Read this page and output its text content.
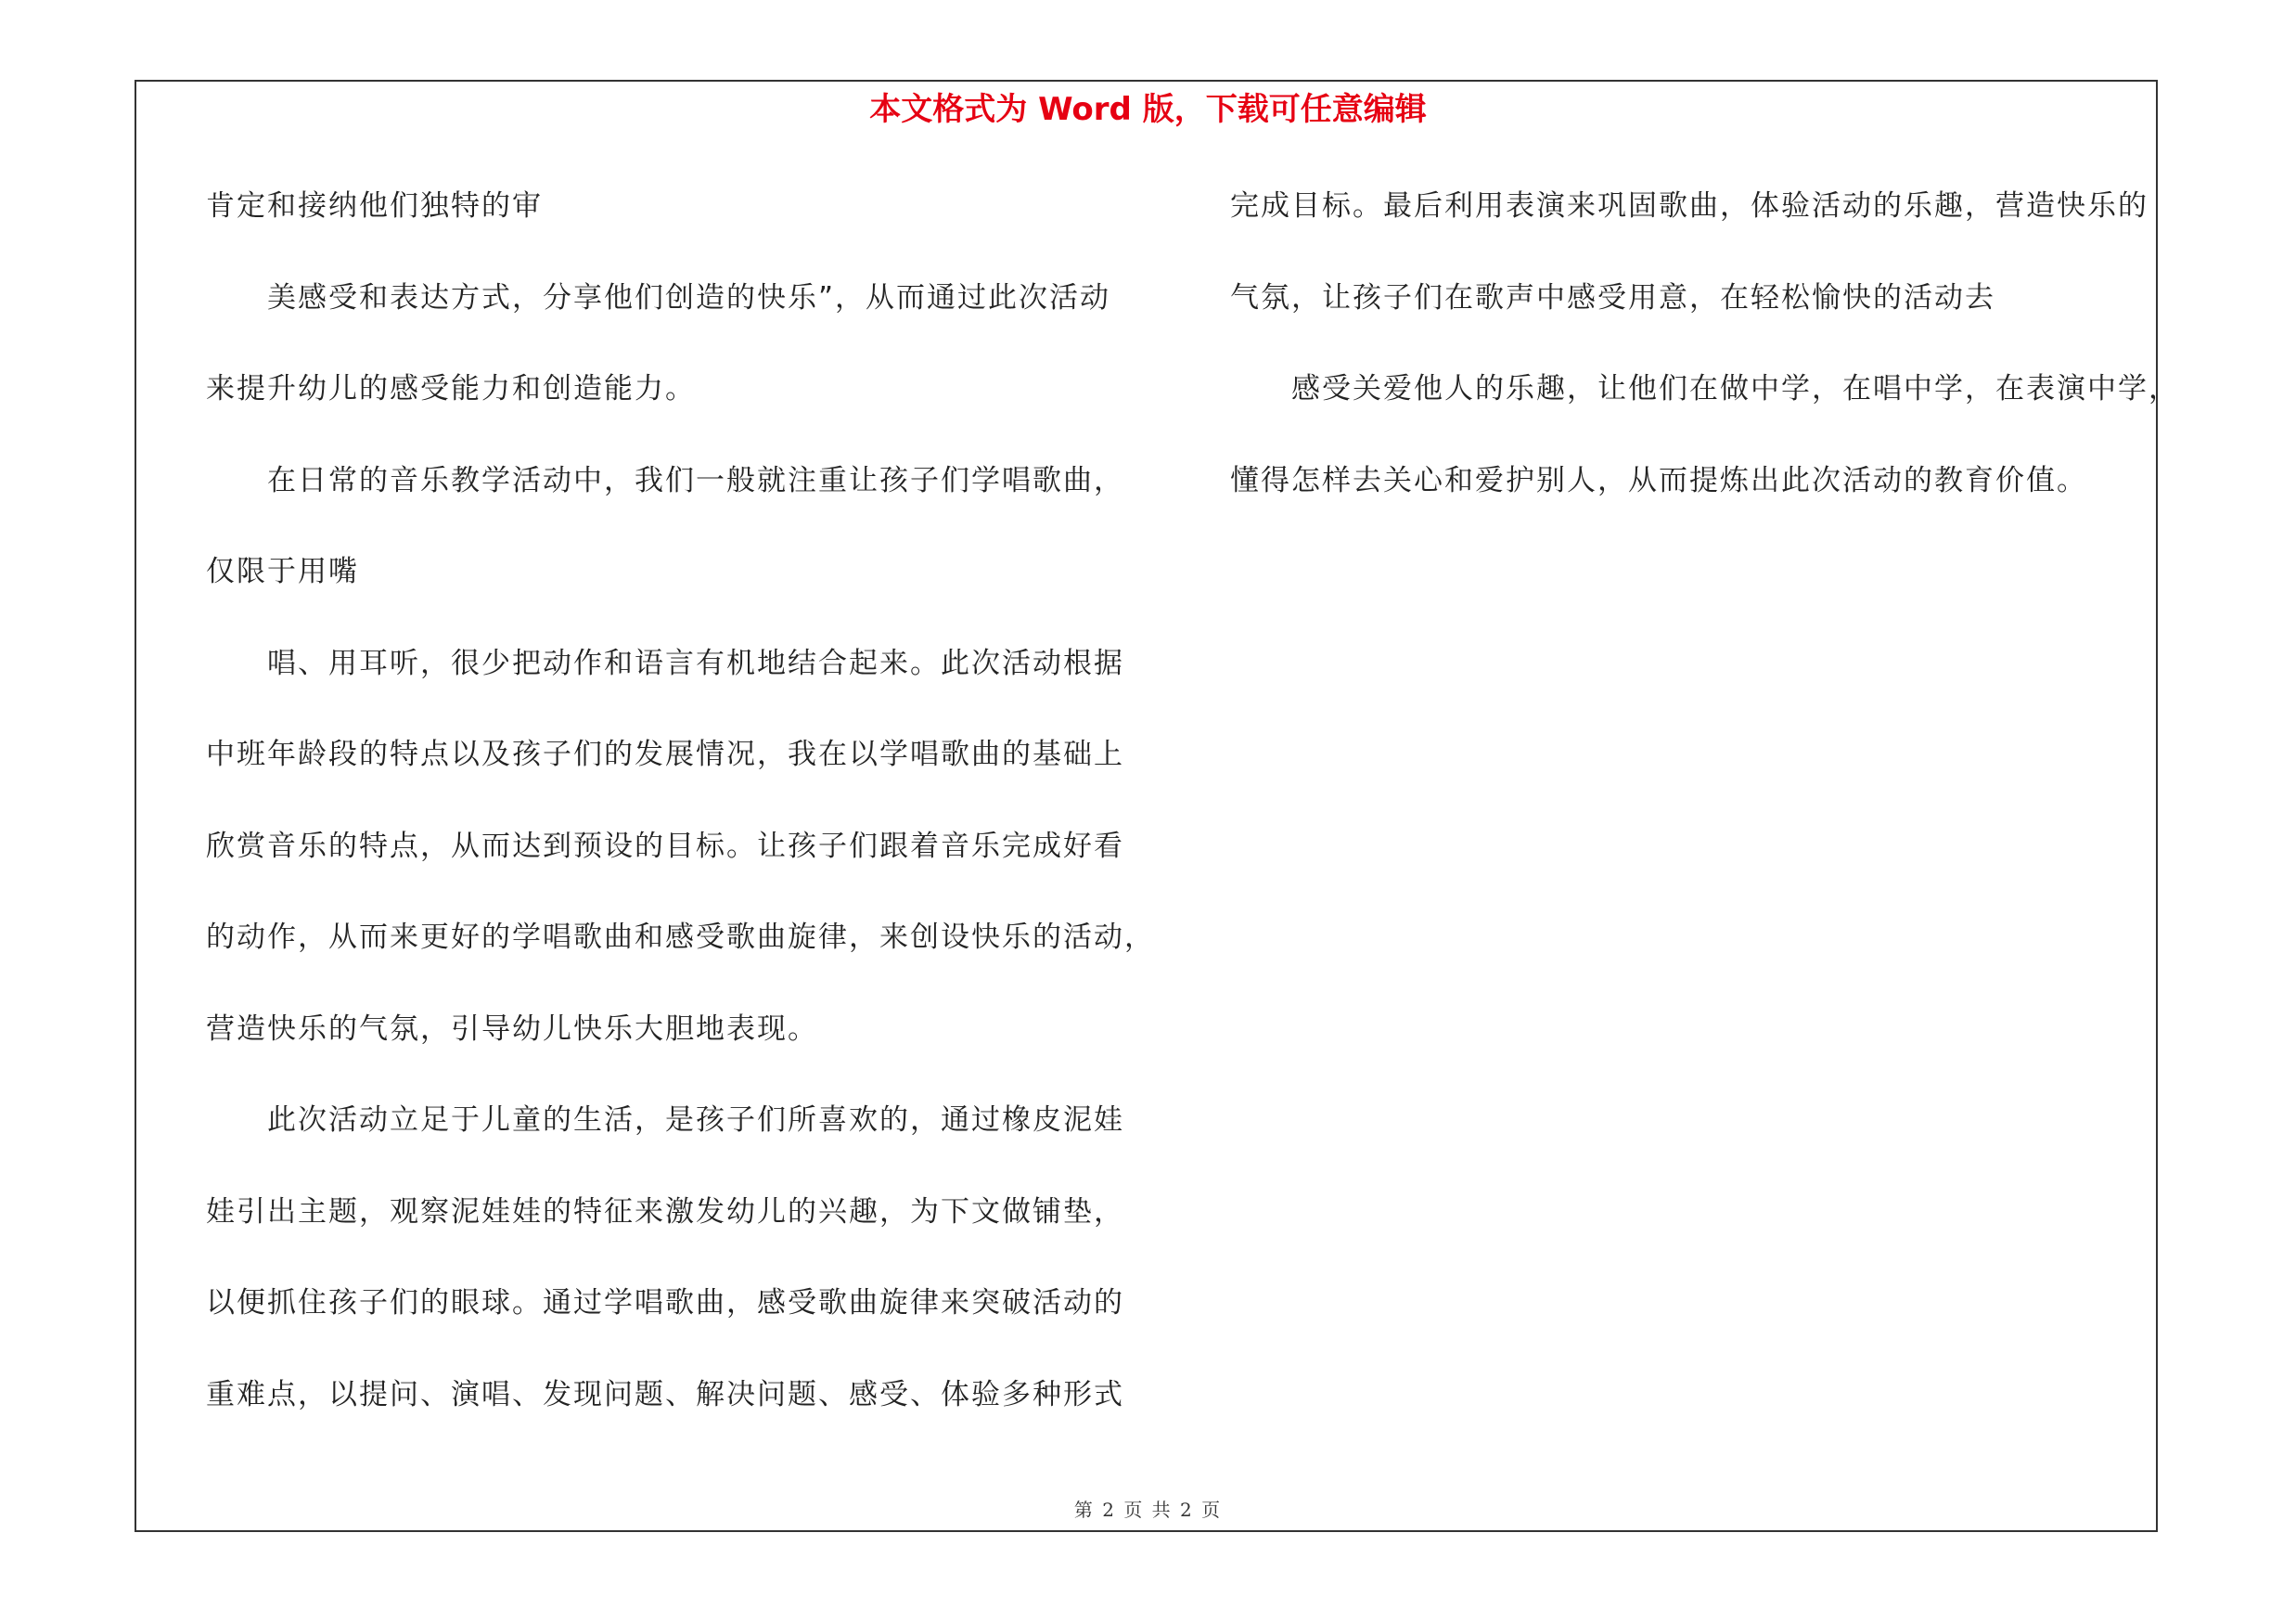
本文格式为 Word 版，下载可任意编辑
肯定和接纳他们独特的审
美感受和表达方式，分享他们创造的快乐”，从而通过此次活动
来提升幼儿的感受能力和创造能力。
在日常的音乐教学活动中，我们一般就注重让孩子们学唱歌曲，
仅限于用嘴
唱、用耳听，很少把动作和语言有机地结合起来。此次活动根据
中班年龄段的特点以及孩子们的发展情况，我在以学唱歌曲的基础上
欣赏音乐的特点，从而达到预设的目标。让孩子们跟着音乐完成好看
的动作，从而来更好的学唱歌曲和感受歌曲旋律，来创设快乐的活动，
营造快乐的气氛，引导幼儿快乐大胆地表现。
此次活动立足于儿童的生活，是孩子们所喜欢的，通过橡皮泥娃
娃引出主题，观察泥娃娃的特征来激发幼儿的兴趣，为下文做铺垫，
以便抓住孩子们的眼球。通过学唱歌曲，感受歌曲旋律来突破活动的
重难点，以提问、演唱、发现问题、解决问题、感受、体验多种形式
完成目标。最后利用表演来巩固歌曲，体验活动的乐趣，营造快乐的
气氛，让孩子们在歌声中感受用意，在轻松愉快的活动去
感受关爱他人的乐趣，让他们在做中学，在唱中学，在表演中学，
懂得怎样去关心和爱护别人，从而提炼出此次活动的教育价值。
第 2 页 共 2 页
